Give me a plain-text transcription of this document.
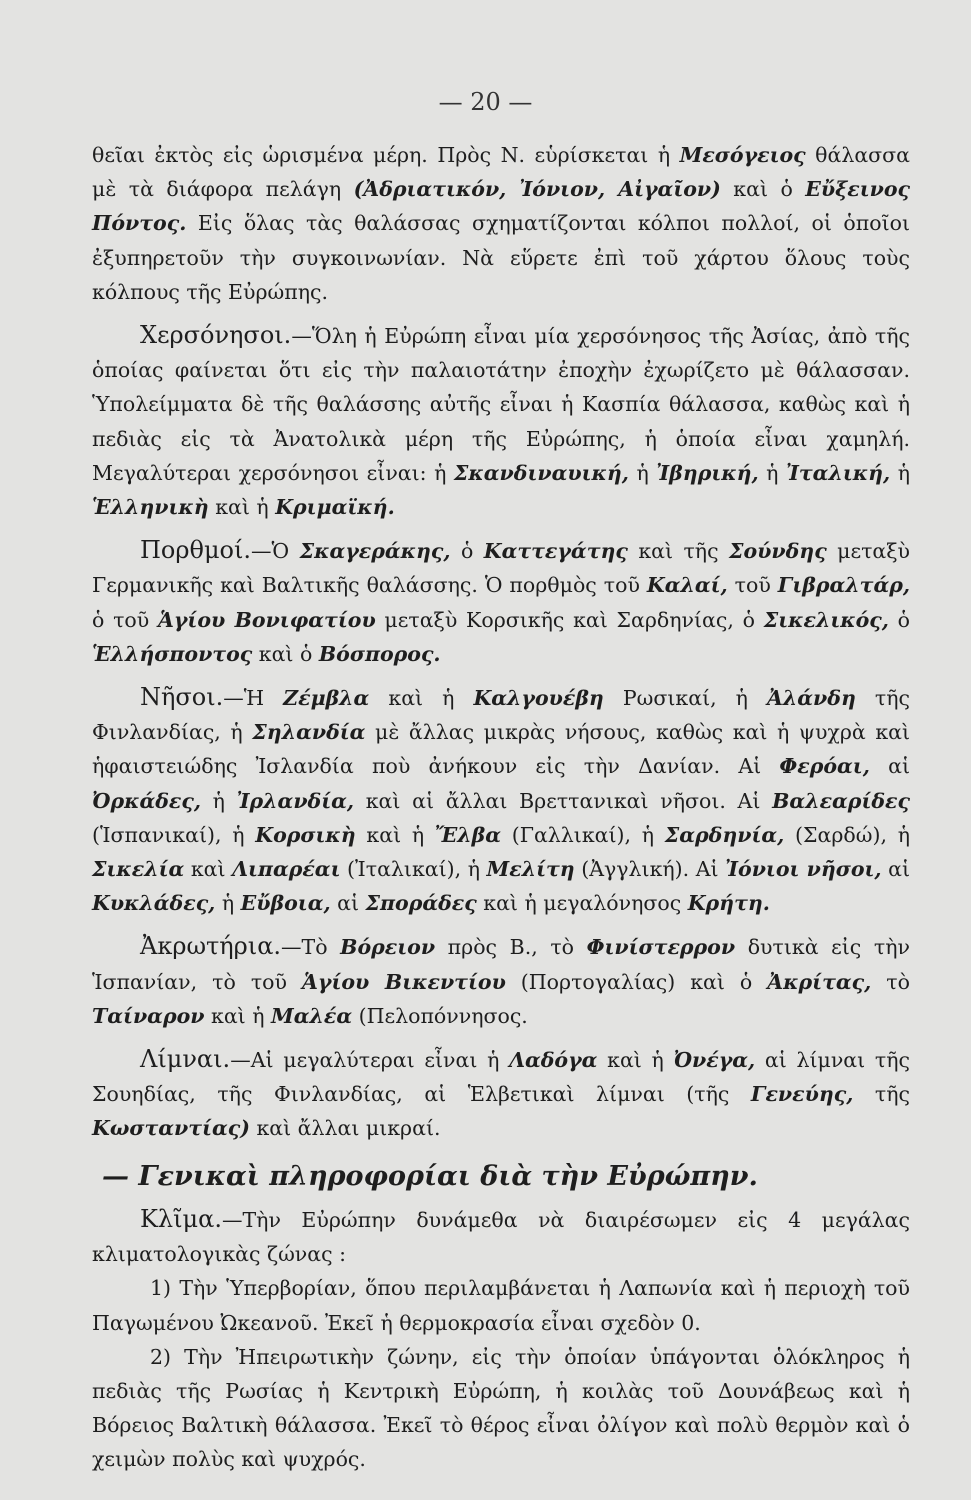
— 20 —

θεῖαι ἐκτὸς εἰς ὡρισμένα μέρη. Πρὸς Ν. εὑρίσκεται ἡ Μεσόγειος θάλασσα μὲ τὰ διάφορα πελάγη (Ἀδριατικόν, Ἰόνιον, Αἰγαῖον) καὶ ὁ Εὔξεινος Πόντος. Εἰς ὅλας τὰς θαλάσσας σχηματίζονται κόλποι πολλοί, οἱ ὁποῖοι ἐξυπηρετοῦν τὴν συγκοινωνίαν. Νὰ εὕρετε ἐπὶ τοῦ χάρτου ὅλους τοὺς κόλπους τῆς Εὐρώπης.

Χερσόνησοι.—Ὅλη ἡ Εὐρώπη εἶναι μία χερσόνησος τῆς Ἀσίας, ἀπὸ τῆς ὁποίας φαίνεται ὅτι εἰς τὴν παλαιοτάτην ἐποχὴν ἐχωρίζετο μὲ θάλασσαν. Ὑπολείμματα δὲ τῆς θαλάσσης αὐτῆς εἶναι ἡ Κασπία θάλασσα, καθὼς καὶ ἡ πεδιὰς εἰς τὰ Ἀνατολικὰ μέρη τῆς Εὐρώπης, ἡ ὁποία εἶναι χαμηλή. Μεγαλύτεραι χερσόνησοι εἶναι: ἡ Σκανδιναυική, ἡ Ἰβηρική, ἡ Ἰταλική, ἡ Ἑλληνικὴ καὶ ἡ Κριμαϊκή.

Πορθμοί.—Ὁ Σκαγεράκης, ὁ Καττεγάτης καὶ τῆς Σούνδης μεταξὺ Γερμανικῆς καὶ Βαλτικῆς θαλάσσης. Ὁ πορθμὸς τοῦ Καλαί, τοῦ Γιβραλτάρ, ὁ τοῦ Ἁγίου Βονιφατίου μεταξὺ Κορσικῆς καὶ Σαρδηνίας, ὁ Σικελικός, ὁ Ἑλλήσποντος καὶ ὁ Βόσπορος.

Νῆσοι.—Ἡ Ζέμβλα καὶ ἡ Καλγουέβη Ρωσικαί, ἡ Ἀλάνδη τῆς Φινλανδίας, ἡ Σηλανδία μὲ ἄλλας μικρὰς νήσους, καθὼς καὶ ἡ ψυχρὰ καὶ ἡφαιστειώδης Ἰσλανδία ποὺ ἀνήκουν εἰς τὴν Δανίαν. Αἱ Φερόαι, αἱ Ὀρκάδες, ἡ Ἰρλανδία, καὶ αἱ ἄλλαι Βρεττανικαὶ νῆσοι. Αἱ Βαλεαρίδες (Ἱσπανικαί), ἡ Κορσικὴ καὶ ἡ Ἔλβα (Γαλλικαί), ἡ Σαρδηνία, (Σαρδώ), ἡ Σικελία καὶ Λιπαρέαι (Ἰταλικαί), ἡ Μελίτη (Ἀγγλική). Αἱ Ἰόνιοι νῆσοι, αἱ Κυκλάδες, ἡ Εὔβοια, αἱ Σποράδες καὶ ἡ μεγαλόνησος Κρήτη.

Ἀκρωτήρια.—Τὸ Βόρειον πρὸς Β., τὸ Φινίστερρον δυτικὰ εἰς τὴν Ἱσπανίαν, τὸ τοῦ Ἁγίου Βικεντίου (Πορτογαλίας) καὶ ὁ Ἀκρίτας, τὸ Ταίναρον καὶ ἡ Μαλέα (Πελοπόννησος.

Λίμναι.—Αἱ μεγαλύτεραι εἶναι ἡ Λαδόγα καὶ ἡ Ὀνέγα, αἱ λίμναι τῆς Σουηδίας, τῆς Φινλανδίας, αἱ Ἑλβετικαὶ λίμναι (τῆς Γενεύης, τῆς Κωσταντίας) καὶ ἄλλαι μικραί.

— Γενικαὶ πληροφορίαι διὰ τὴν Εὐρώπην.

Κλῖμα.—Τὴν Εὐρώπην δυνάμεθα νὰ διαιρέσωμεν εἰς 4 μεγάλας κλιματολογικὰς ζώνας :

1) Τὴν Ὑπερβορίαν, ὅπου περιλαμβάνεται ἡ Λαπωνία καὶ ἡ περιοχὴ τοῦ Παγωμένου Ὠκεανοῦ. Ἐκεῖ ἡ θερμοκρασία εἶναι σχεδὸν 0.

2) Τὴν Ἠπειρωτικὴν ζώνην, εἰς τὴν ὁποίαν ὑπάγονται ὁλόκληρος ἡ πεδιὰς τῆς Ρωσίας ἡ Κεντρικὴ Εὐρώπη, ἡ κοιλὰς τοῦ Δουνάβεως καὶ ἡ Βόρειος Βαλτικὴ θάλασσα. Ἐκεῖ τὸ θέρος εἶναι ὀλίγον καὶ πολὺ θερμὸν καὶ ὁ χειμὼν πολὺς καὶ ψυχρός.
